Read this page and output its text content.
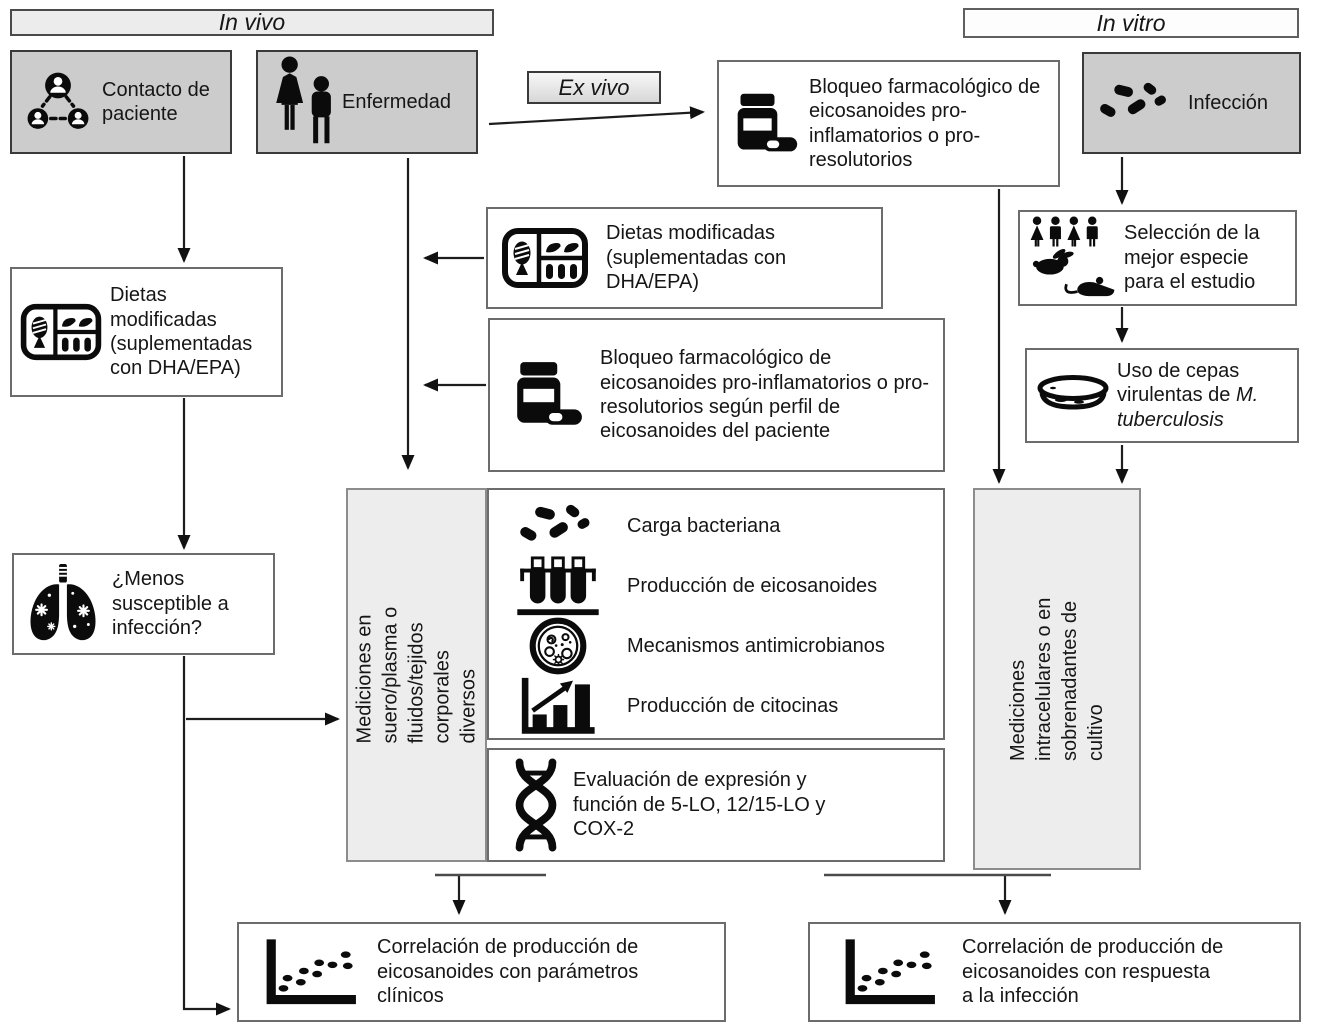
In vivo	In vitro
Ex vivo
Contacto de paciente
Enfermedad
Bloqueo farmacológico de eicosanoides pro-inflamatorios o pro-resolutorios
Infección
Dietas modificadas (suplementadas con DHA/EPA)
¿Menos susceptible a infección?
Dietas modificadas (suplementadas con DHA/EPA)
Bloqueo farmacológico de eicosanoides pro-inflamatorios o pro-resolutorios según perfil de eicosanoides del paciente
Mediciones en suero/plasma o fluidos/tejidos corporales diversos
Carga bacteriana
Producción de eicosanoides
Mecanismos antimicrobianos
Producción de citocinas
Evaluación de expresión y función de 5-LO, 12/15-LO y COX-2
Selección de la mejor especie para el estudio
Uso de cepas virulentas de M. tuberculosis
Mediciones intracelulares o en sobrenadantes de cultivo
Correlación de producción de eicosanoides con parámetros clínicos
Correlación de producción de eicosanoides con respuesta a la infección
